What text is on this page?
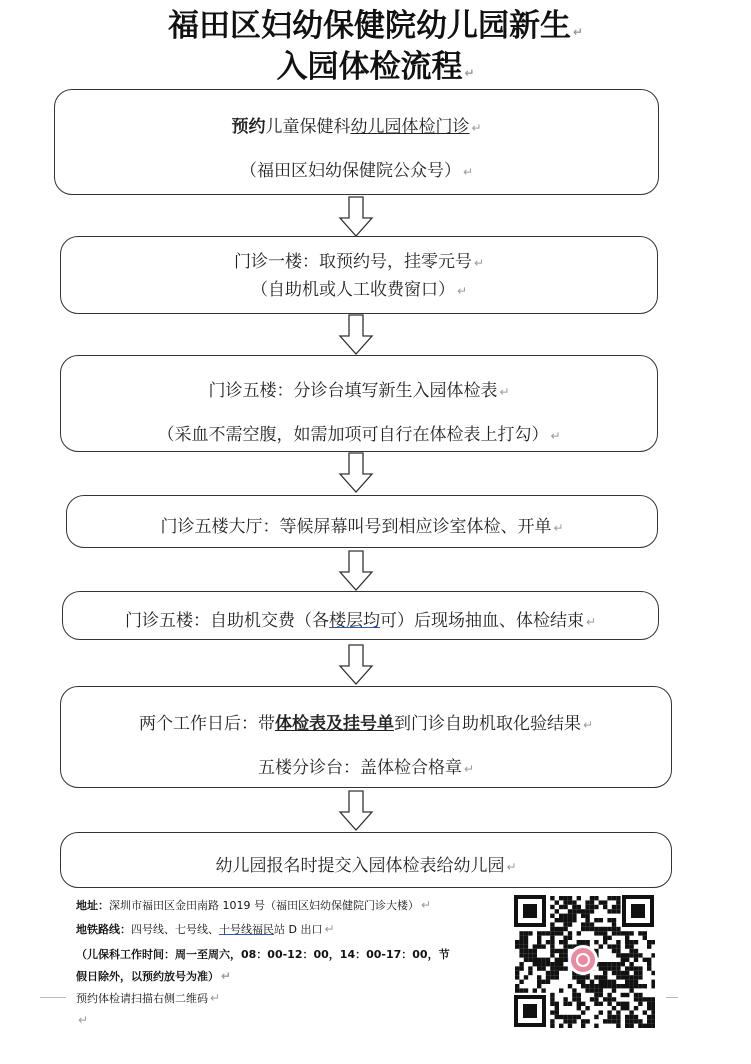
福田区妇幼保健院幼儿园新生 ↵
入园体检流程 ↵
预约儿童保健科幼儿园体检门诊 ↵
（福田区妇幼保健院公众号） ↵
门诊一楼：取预约号，挂零元号 ↵
（自助机或人工收费窗口） ↵
门诊五楼：分诊台填写新生入园体检表 ↵
（采血不需空腹，如需加项可自行在体检表上打勾） ↵
门诊五楼大厅：等候屏幕叫号到相应诊室体检、开单 ↵
门诊五楼：自助机交费（各楼层均可）后现场抽血、体检结束 ↵
两个工作日后：带体检表及挂号单到门诊自助机取化验结果 ↵
五楼分诊台：盖体检合格章 ↵
幼儿园报名时提交入园体检表给幼儿园 ↵
地址：深圳市福田区金田南路 1019 号（福田区妇幼保健院门诊大楼） ↵
地铁路线：四号线、七号线、十号线福民站 D 出口 ↵
（儿保科工作时间：周一至周六，08：00-12：00，14：00-17：00，节
假日除外，以预约放号为准） ↵
预约体检请扫描右侧二维码 ↵
↵
